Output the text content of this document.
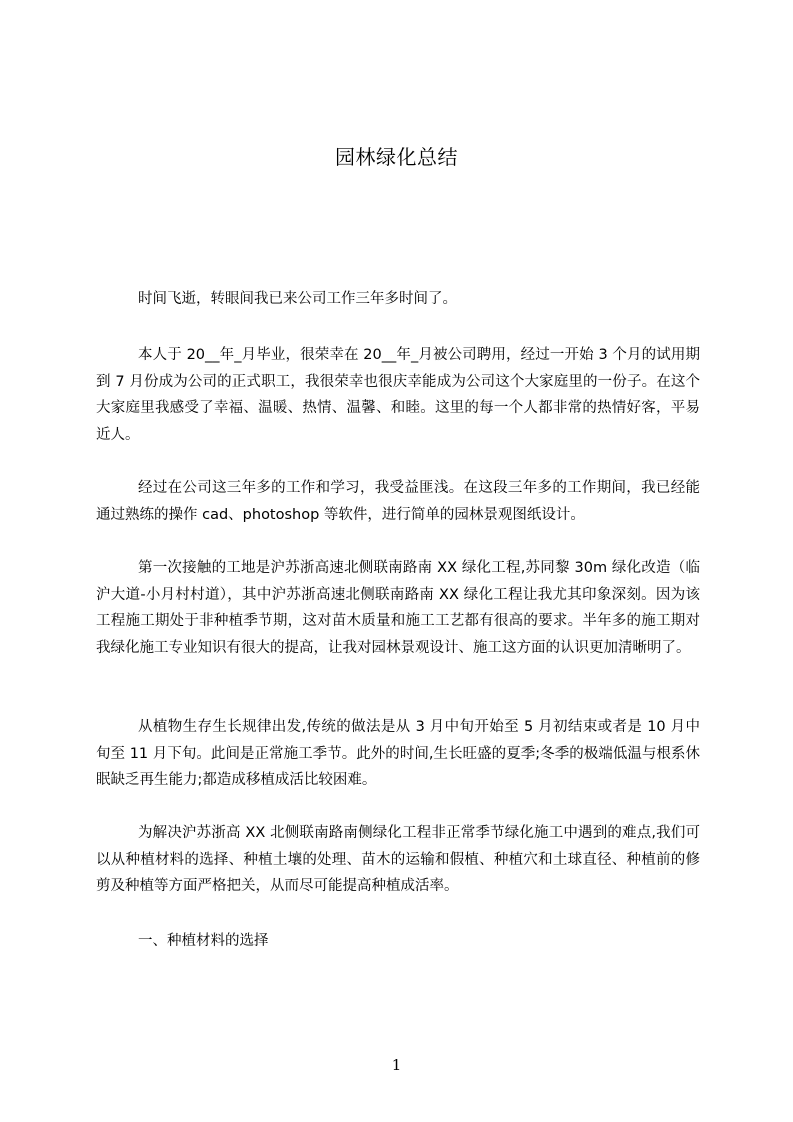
园林绿化总结

时间飞逝，转眼间我已来公司工作三年多时间了。

本人于 20__年_月毕业，很荣幸在 20__年_月被公司聘用，经过一开始 3 个月的试用期到 7 月份成为公司的正式职工，我很荣幸也很庆幸能成为公司这个大家庭里的一份子。在这个大家庭里我感受了幸福、温暖、热情、温馨、和睦。这里的每一个人都非常的热情好客，平易近人。

经过在公司这三年多的工作和学习，我受益匪浅。在这段三年多的工作期间，我已经能通过熟练的操作 cad、photoshop 等软件，进行简单的园林景观图纸设计。

第一次接触的工地是沪苏浙高速北侧联南路南 XX 绿化工程,苏同黎 30m 绿化改造（临沪大道-小月村村道），其中沪苏浙高速北侧联南路南 XX 绿化工程让我尤其印象深刻。因为该工程施工期处于非种植季节期，这对苗木质量和施工工艺都有很高的要求。半年多的施工期对我绿化施工专业知识有很大的提高，让我对园林景观设计、施工这方面的认识更加清晰明了。

从植物生存生长规律出发,传统的做法是从 3 月中旬开始至 5 月初结束或者是 10 月中旬至 11 月下旬。此间是正常施工季节。此外的时间,生长旺盛的夏季;冬季的极端低温与根系休眠缺乏再生能力;都造成移植成活比较困难。

为解决沪苏浙高 XX 北侧联南路南侧绿化工程非正常季节绿化施工中遇到的难点,我们可以从种植材料的选择、种植土壤的处理、苗木的运输和假植、种植穴和土球直径、种植前的修剪及种植等方面严格把关，从而尽可能提高种植成活率。

一、种植材料的选择

1
